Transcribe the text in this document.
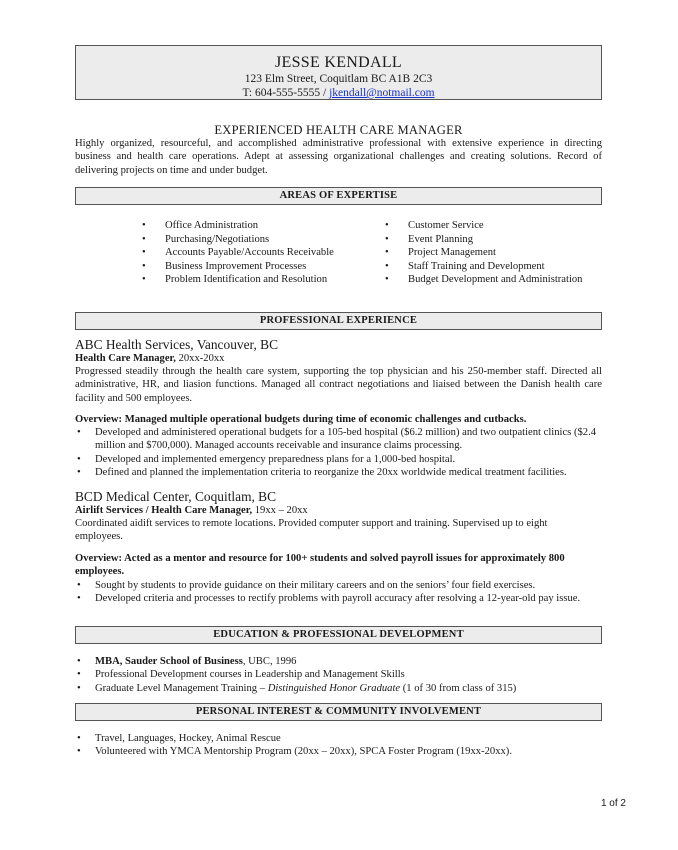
JESSE KENDALL
123 Elm Street, Coquitlam BC A1B 2C3
T: 604-555-5555 / jkendall@notmail.com
EXPERIENCED HEALTH CARE MANAGER
Highly organized, resourceful, and accomplished administrative professional with extensive experience in directing business and health care operations. Adept at assessing organizational challenges and creating solutions. Record of delivering projects on time and under budget.
AREAS OF EXPERTISE
• Office Administration
• Purchasing/Negotiations
• Accounts Payable/Accounts Receivable
• Business Improvement Processes
• Problem Identification and Resolution
• Customer Service
• Event Planning
• Project Management
• Staff Training and Development
• Budget Development and Administration
PROFESSIONAL EXPERIENCE
ABC Health Services, Vancouver, BC
Health Care Manager, 20xx-20xx
Progressed steadily through the health care system, supporting the top physician and his 250-member staff. Directed all administrative, HR, and liasion functions. Managed all contract negotiations and liaised between the Danish health care facility and 500 employees.
Overview: Managed multiple operational budgets during time of economic challenges and cutbacks.
• Developed and administered operational budgets for a 105-bed hospital ($6.2 million) and two outpatient clinics ($2.4 million and $700,000). Managed accounts receivable and insurance claims processing.
• Developed and implemented emergency preparedness plans for a 1,000-bed hospital.
• Defined and planned the implementation criteria to reorganize the 20xx worldwide medical treatment facilities.
BCD Medical Center, Coquitlam, BC
Airlift Services / Health Care Manager, 19xx – 20xx
Coordinated aidift services to remote locations. Provided computer support and training. Supervised up to eight employees.
Overview: Acted as a mentor and resource for 100+ students and solved payroll issues for approximately 800 employees.
• Sought by students to provide guidance on their military careers and on the seniors’ four field exercises.
• Developed criteria and processes to rectify problems with payroll accuracy after resolving a 12-year-old pay issue.
EDUCATION & PROFESSIONAL DEVELOPMENT
• MBA, Sauder School of Business, UBC, 1996
• Professional Development courses in Leadership and Management Skills
• Graduate Level Management Training – Distinguished Honor Graduate (1 of 30 from class of 315)
PERSONAL INTEREST & COMMUNITY INVOLVEMENT
• Travel, Languages, Hockey, Animal Rescue
• Volunteered with YMCA Mentorship Program (20xx – 20xx), SPCA Foster Program (19xx-20xx).
1 of 2
